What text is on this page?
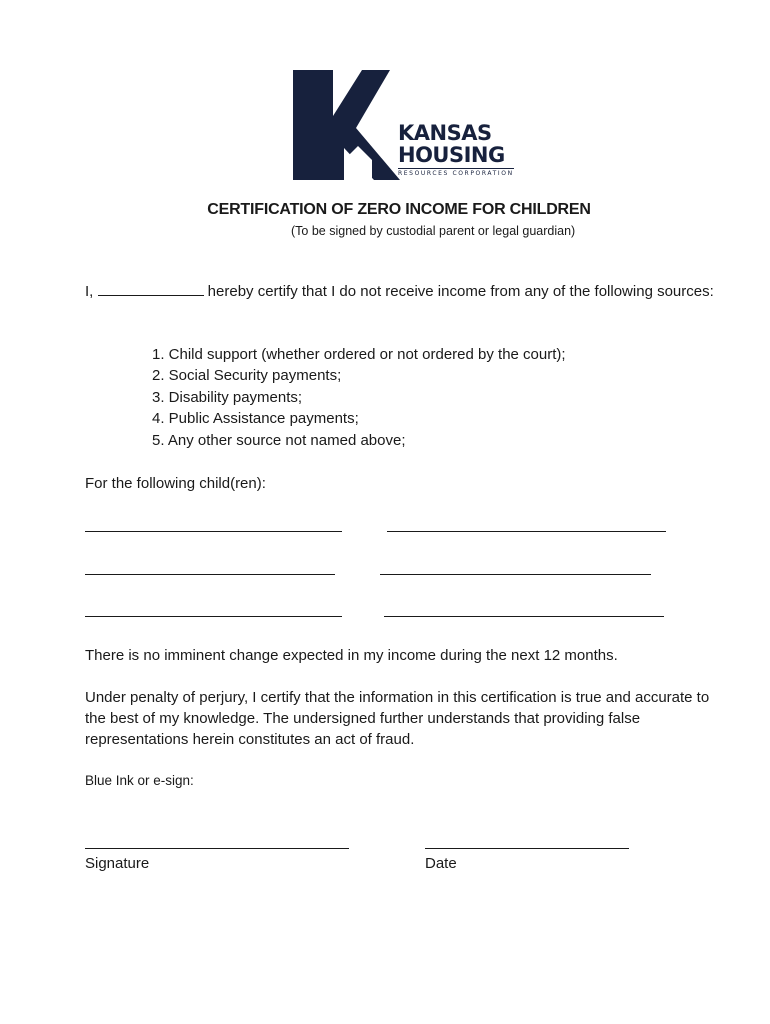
KANSAS
HOUSING
RESOURCES CORPORATION
CERTIFICATION OF ZERO INCOME FOR CHILDREN
(To be signed by custodial parent or legal guardian)
I,	hereby certify that I do not receive income from any of the following sources:
1. Child support (whether ordered or not ordered by the court);
2. Social Security payments;
3. Disability payments;
4. Public Assistance payments;
5. Any other source not named above;
For the following child(ren):
There is no imminent change expected in my income during the next 12 months.
Under penalty of perjury, I certify that the information in this certification is true and accurate to the best of my knowledge. The undersigned further understands that providing false representations herein constitutes an act of fraud.
Blue Ink or e-sign:
Signature	Date
